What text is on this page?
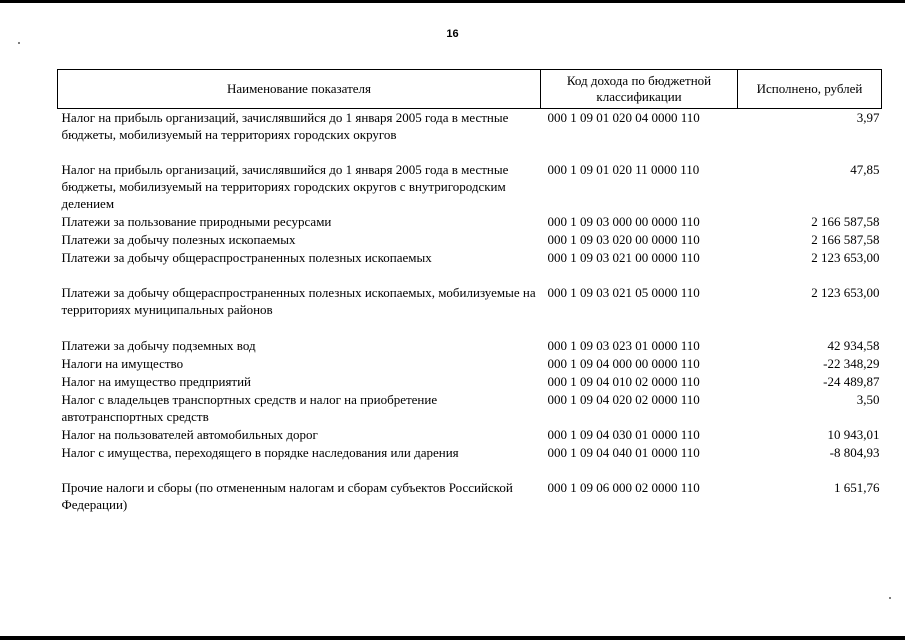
16
Наименование показателя	Код дохода по бюджетной классификации	Исполнено, рублей
Налог на прибыль организаций, зачислявшийся до 1 января 2005 года в местные бюджеты, мобилизуемый на территориях городских округов	000 1 09 01 020 04 0000 110	3,97
Налог на прибыль организаций, зачислявшийся до 1 января 2005 года в местные бюджеты, мобилизуемый на территориях городских округов с внутригородским делением	000 1 09 01 020 11 0000 110	47,85
Платежи за пользование природными ресурсами	000 1 09 03 000 00 0000 110	2 166 587,58
Платежи за добычу полезных ископаемых	000 1 09 03 020 00 0000 110	2 166 587,58
Платежи за добычу общераспространенных полезных ископаемых	000 1 09 03 021 00 0000 110	2 123 653,00
Платежи за добычу общераспространенных полезных ископаемых, мобилизуемые на территориях муниципальных районов	000 1 09 03 021 05 0000 110	2 123 653,00
Платежи за добычу подземных вод	000 1 09 03 023 01 0000 110	42 934,58
Налоги на имущество	000 1 09 04 000 00 0000 110	-22 348,29
Налог на имущество предприятий	000 1 09 04 010 02 0000 110	-24 489,87
Налог с владельцев транспортных средств и налог на приобретение автотранспортных средств	000 1 09 04 020 02 0000 110	3,50
Налог на пользователей автомобильных дорог	000 1 09 04 030 01 0000 110	10 943,01
Налог с имущества, переходящего в порядке наследования или дарения	000 1 09 04 040 01 0000 110	-8 804,93
Прочие налоги и сборы (по отмененным налогам и сборам субъектов Российской Федерации)	000 1 09 06 000 02 0000 110	1 651,76
